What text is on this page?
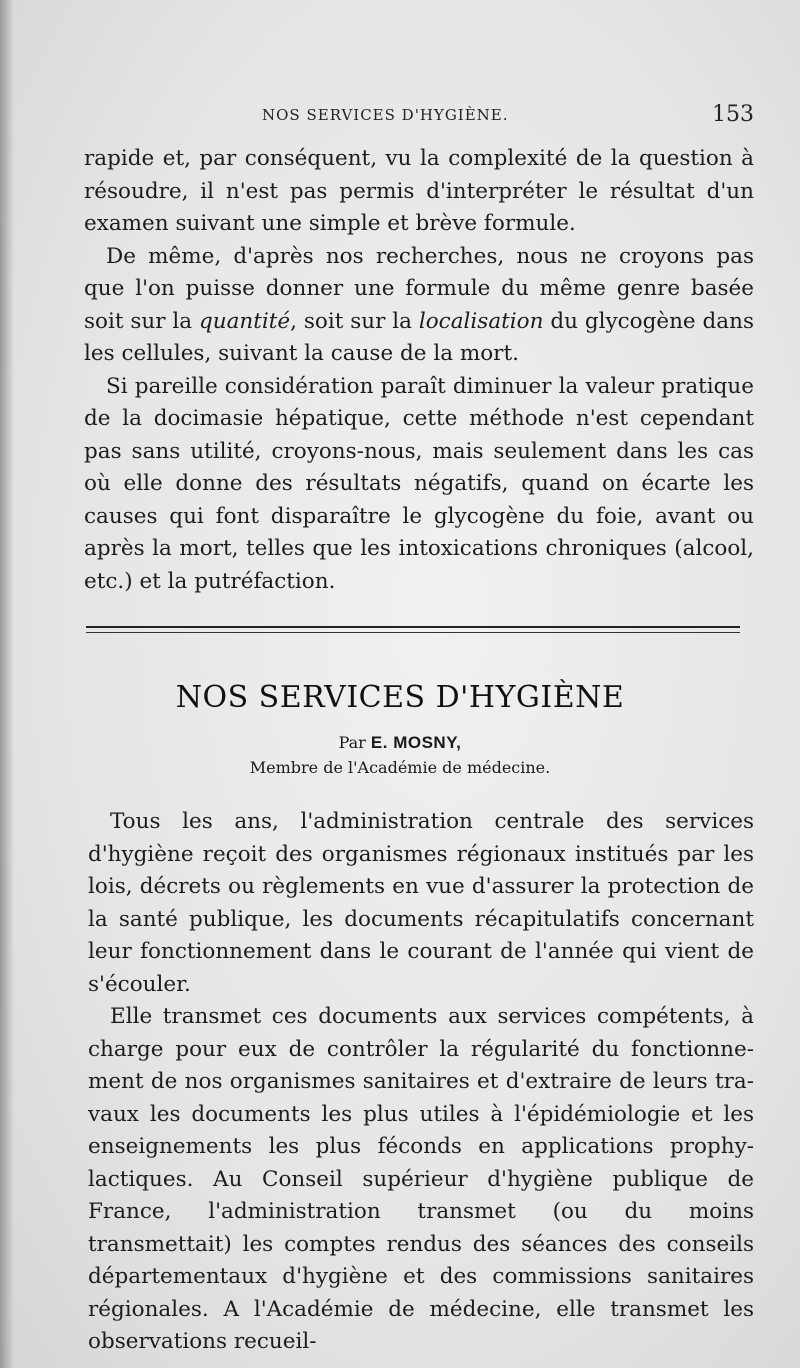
NOS SERVICES D'HYGIÈNE.	153

rapide et, par conséquent, vu la complexité de la question à résoudre, il n'est pas permis d'interpréter le résultat d'un examen suivant une simple et brève formule.

De même, d'après nos recherches, nous ne croyons pas que l'on puisse donner une formule du même genre basée soit sur la quantité, soit sur la localisation du glycogène dans les cellules, suivant la cause de la mort.

Si pareille considération paraît diminuer la valeur pratique de la docimasie hépatique, cette méthode n'est cependant pas sans utilité, croyons-nous, mais seulement dans les cas où elle donne des résultats négatifs, quand on écarte les causes qui font disparaître le glycogène du foie, avant ou après la mort, telles que les intoxications chroniques (alcool, etc.) et la putréfaction.

NOS SERVICES D'HYGIÈNE
Par E. MOSNY,
Membre de l'Académie de médecine.

Tous les ans, l'administration centrale des services d'hygiène reçoit des organismes régionaux institués par les lois, décrets ou règlements en vue d'assurer la protection de la santé publique, les documents récapitulatifs concernant leur fonctionnement dans le courant de l'année qui vient de s'écouler.

Elle transmet ces documents aux services compétents, à charge pour eux de contrôler la régularité du fonctionnement de nos organismes sanitaires et d'extraire de leurs travaux les documents les plus utiles à l'épidémiologie et les enseignements les plus féconds en applications prophylactiques. Au Conseil supérieur d'hygiène publique de France, l'administration transmet (ou du moins transmettait) les comptes rendus des séances des conseils départementaux d'hygiène et des commissions sanitaires régionales. A l'Académie de médecine, elle transmet les observations recueil-
